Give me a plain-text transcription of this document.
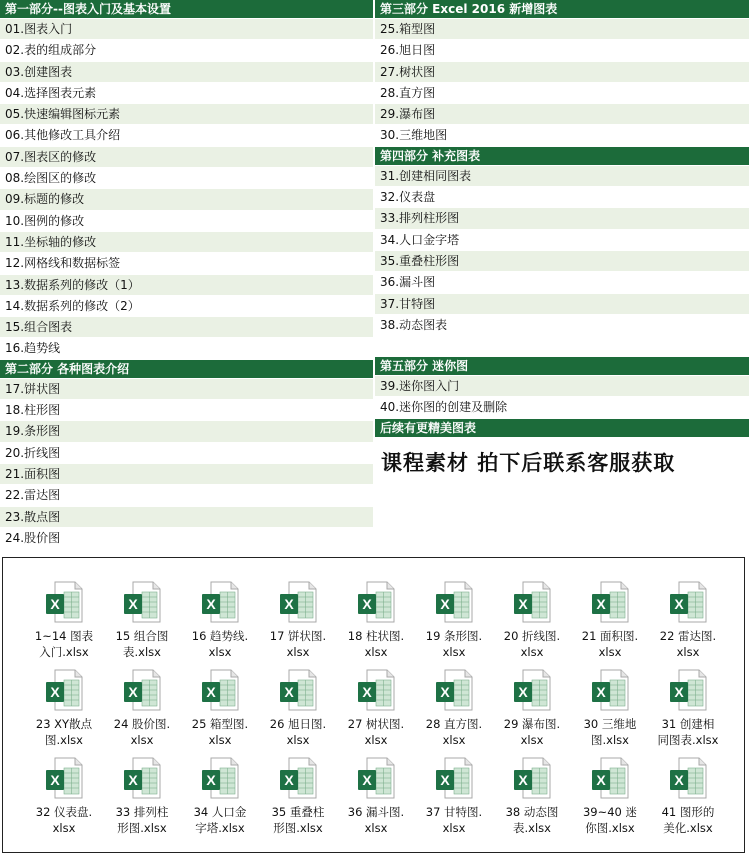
第一部分--图表入门及基本设置
01.图表入门
02.表的组成部分
03.创建图表
04.选择图表元素
05.快速编辑图标元素
06.其他修改工具介绍
07.图表区的修改
08.绘图区的修改
09.标题的修改
10.图例的修改
11.坐标轴的修改
12.网格线和数据标签
13.数据系列的修改（1）
14.数据系列的修改（2）
15.组合图表
16.趋势线
第二部分 各种图表介绍
17.饼状图
18.柱形图
19.条形图
20.折线图
21.面积图
22.雷达图
23.散点图
24.股价图
第三部分 Excel 2016 新增图表
25.箱型图
26.旭日图
27.树状图
28.直方图
29.瀑布图
30.三维地图
第四部分 补充图表
31.创建相同图表
32.仪表盘
33.排列柱形图
34.人口金字塔
35.重叠柱形图
36.漏斗图
37.甘特图
38.动态图表
第五部分 迷你图
39.迷你图入门
40.迷你图的创建及删除
后续有更精美图表
课程素材 拍下后联系客服获取
X
1~14 图表
入门.xlsx
X
15 组合图
表.xlsx
X
16 趋势线.
xlsx
X
17 饼状图.
xlsx
X
18 柱状图.
xlsx
X
19 条形图.
xlsx
X
20 折线图.
xlsx
X
21 面积图.
xlsx
X
22 雷达图.
xlsx
X
23 XY散点
图.xlsx
X
24 股价图.
xlsx
X
25 箱型图.
xlsx
X
26 旭日图.
xlsx
X
27 树状图.
xlsx
X
28 直方图.
xlsx
X
29 瀑布图.
xlsx
X
30 三维地
图.xlsx
X
31 创建相
同图表.xlsx
X
32 仪表盘.
xlsx
X
33 排列柱
形图.xlsx
X
34 人口金
字塔.xlsx
X
35 重叠柱
形图.xlsx
X
36 漏斗图.
xlsx
X
37 甘特图.
xlsx
X
38 动态图
表.xlsx
X
39~40 迷
你图.xlsx
X
41 图形的
美化.xlsx
